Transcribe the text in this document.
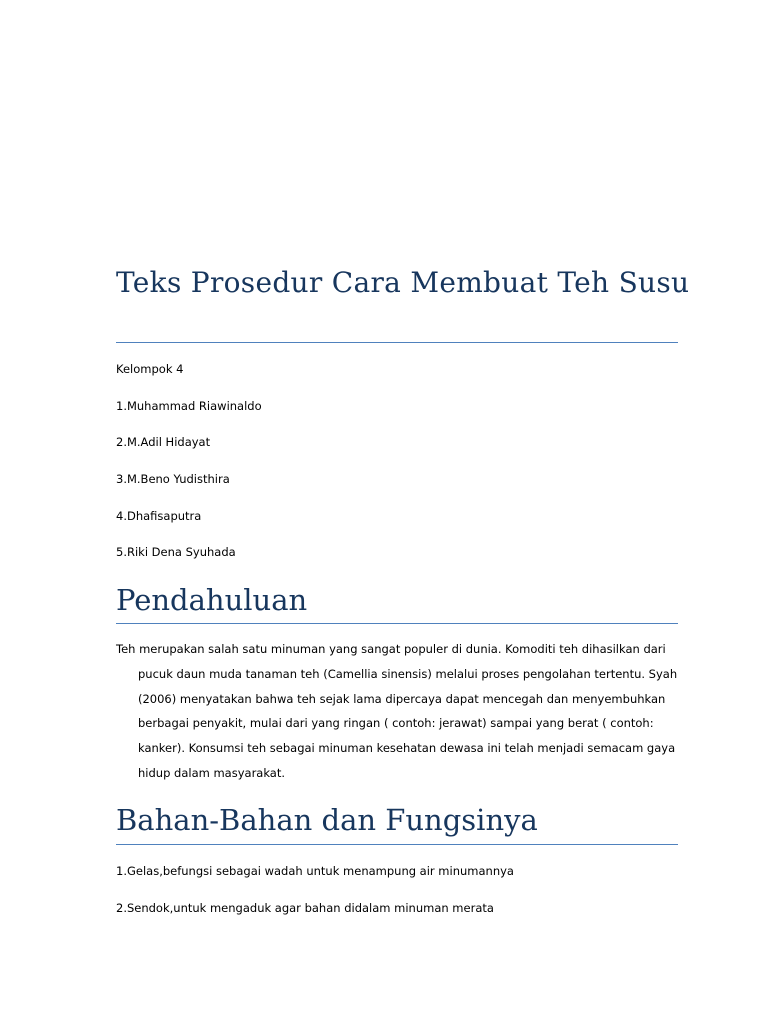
Teks Prosedur Cara Membuat Teh Susu
Kelompok 4
1.Muhammad Riawinaldo
2.M.Adil Hidayat
3.M.Beno Yudisthira
4.Dhafisaputra
5.Riki Dena Syuhada
Pendahuluan
Teh merupakan salah satu minuman yang sangat populer di dunia. Komoditi teh dihasilkan dari pucuk daun muda tanaman teh (Camellia sinensis) melalui proses pengolahan tertentu. Syah (2006) menyatakan bahwa teh sejak lama dipercaya dapat mencegah dan menyembuhkan berbagai penyakit, mulai dari yang ringan ( contoh: jerawat) sampai yang berat ( contoh: kanker). Konsumsi teh sebagai minuman kesehatan dewasa ini telah menjadi semacam gaya hidup dalam masyarakat.
Bahan-Bahan dan Fungsinya
1.Gelas,befungsi sebagai wadah untuk menampung air minumannya
2.Sendok,untuk mengaduk agar bahan didalam minuman merata
